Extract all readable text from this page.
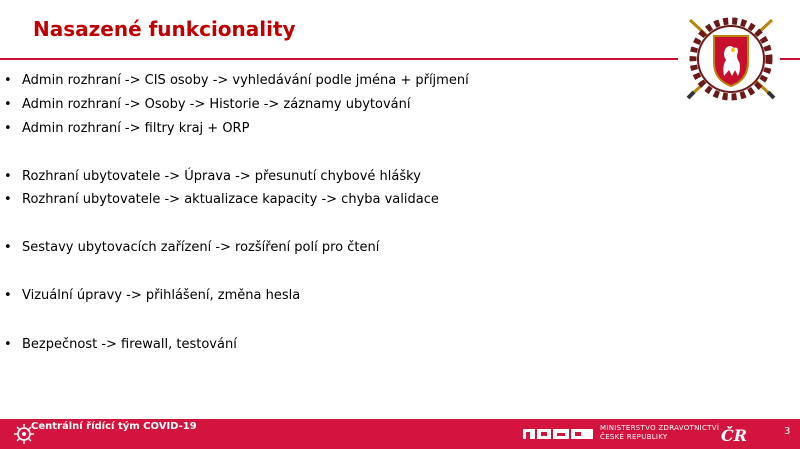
Nasazené funkcionality
• Admin rozhraní -> CIS osoby -> vyhledávání podle jména + příjmení
• Admin rozhraní -> Osoby -> Historie -> záznamy ubytování
• Admin rozhraní -> filtry kraj + ORP
• Rozhraní ubytovatele -> Úprava -> přesunutí chybové hlášky
• Rozhraní ubytovatele -> aktualizace kapacity -> chyba validace
• Sestavy ubytovacích zařízení -> rozšíření polí pro čtení
• Vizuální úpravy -> přihlášení, změna hesla
• Bezpečnost -> firewall, testování
Centrální řídící tým COVID-19	MINISTERSTVO ZDRAVOTNICTVÍ
ČESKÉ REPUBLIKY	ČR	3
